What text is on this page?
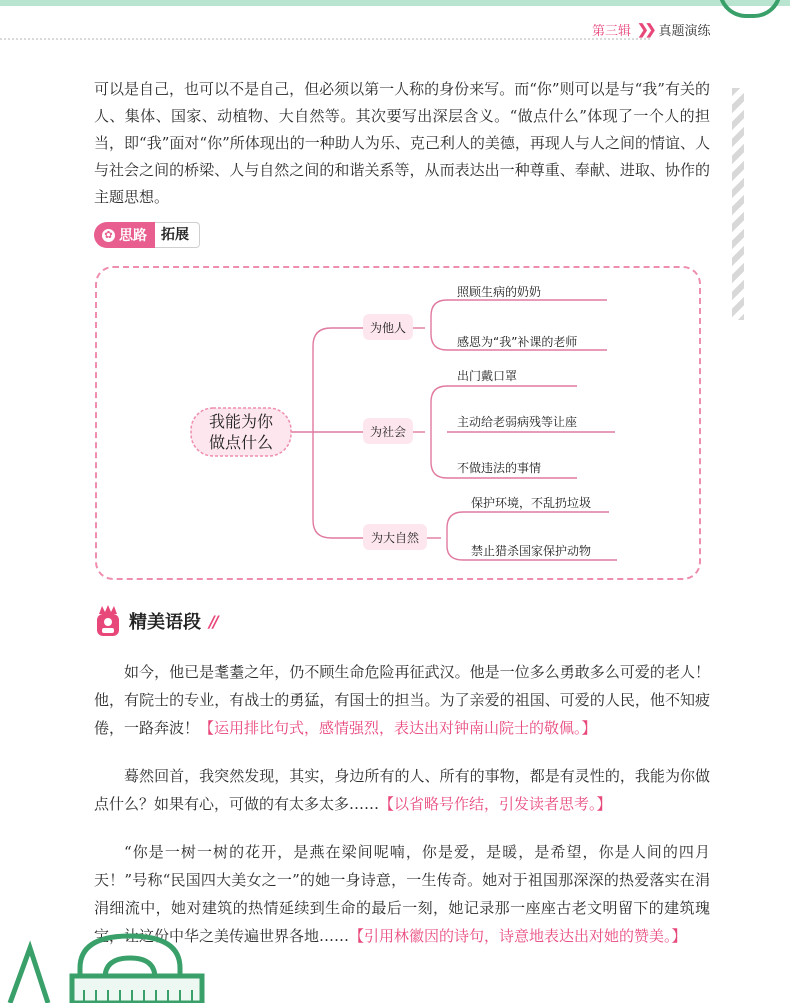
第三辑 ❯❯ 真题演练
可以是自己，也可以不是自己，但必须以第一人称的身份来写。而“你”则可以是与“我”有关的人、集体、国家、动植物、大自然等。其次要写出深层含义。“做点什么”体现了一个人的担当，即“我”面对“你”所体现出的一种助人为乐、克己利人的美德，再现人与人之间的情谊、人与社会之间的桥梁、人与自然之间的和谐关系等，从而表达出一种尊重、奉献、进取、协作的主题思想。
✿ 思路	拓展
我能为你
做点什么
为他人
为社会
为大自然
照顾生病的奶奶
感恩为“我”补课的老师
出门戴口罩
主动给老弱病残等让座
不做违法的事情
保护环境，不乱扔垃圾
禁止猎杀国家保护动物
精美语段 //
如今，他已是耄耋之年，仍不顾生命危险再征武汉。他是一位多么勇敢多么可爱的老人！他，有院士的专业，有战士的勇猛，有国士的担当。为了亲爱的祖国、可爱的人民，他不知疲倦，一路奔波！【运用排比句式，感情强烈，表达出对钟南山院士的敬佩。】
蓦然回首，我突然发现，其实，身边所有的人、所有的事物，都是有灵性的，我能为你做点什么？如果有心，可做的有太多太多……【以省略号作结，引发读者思考。】
“你是一树一树的花开，是燕在梁间呢喃，你是爱，是暖，是希望，你是人间的四月天！”号称“民国四大美女之一”的她一身诗意，一生传奇。她对于祖国那深深的热爱落实在涓涓细流中，她对建筑的热情延续到生命的最后一刻，她记录那一座座古老文明留下的建筑瑰宝，让这份中华之美传遍世界各地……【引用林徽因的诗句，诗意地表达出对她的赞美。】
